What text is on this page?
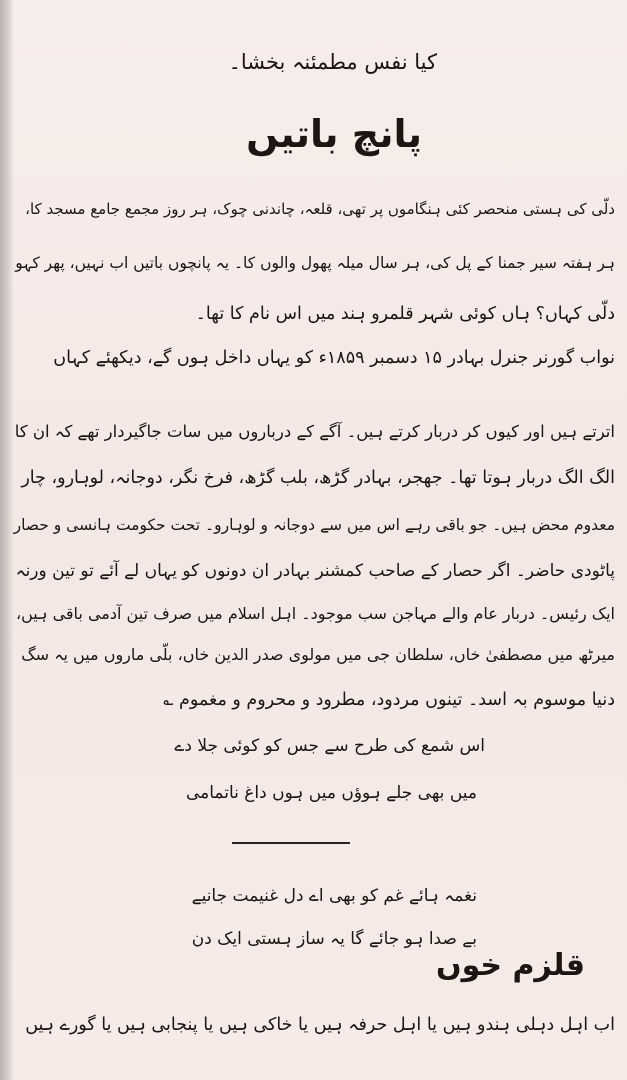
کیا نفس مطمئنہ بخشا۔
پانچ باتیں
دلّی کی ہستی منحصر کئی ہنگاموں پر تھی، قلعہ، چاندنی چوک، ہر روز مجمع جامع مسجد کا،
ہر ہفتہ سیر جمنا کے پل کی، ہر سال میلہ پھول والوں کا۔ یہ پانچوں باتیں اب نہیں، پھر کہو
دلّی کہاں؟ ہاں کوئی شہر قلمرو ہند میں اس نام کا تھا۔
نواب گورنر جنرل بہادر ۱۵ دسمبر ۱۸۵۹ء کو یہاں داخل ہوں گے، دیکھئے کہاں
اترتے ہیں اور کیوں کر دربار کرتے ہیں۔ آگے کے درباروں میں سات جاگیردار تھے کہ ان کا
الگ الگ دربار ہوتا تھا۔ جھجر، بہادر گڑھ، بلب گڑھ، فرخ نگر، دوجانہ، لوہارو، چار
معدوم محض ہیں۔ جو باقی رہے اس میں سے دوجانہ و لوہارو۔ تحت حکومت ہانسی و حصار
پاٹودی حاضر۔ اگر حصار کے صاحب کمشنر بہادر ان دونوں کو یہاں لے آئے تو تین ورنہ
ایک رئیس۔ دربار عام والے مہاجن سب موجود۔ اہل اسلام میں صرف تین آدمی باقی ہیں،
میرٹھ میں مصطفیٰ خاں، سلطان جی میں مولوی صدر الدین خاں، بلّی ماروں میں یہ سگ
دنیا موسوم بہ اسد۔ تینوں مردود، مطرود و محروم و مغموم ؎
اس شمع کی طرح سے جس کو کوئی جلا دے
میں بھی جلے ہوؤں میں ہوں داغ ناتمامی
نغمہ ہائے غم کو بھی اے دل غنیمت جانیے
بے صدا ہو جائے گا یہ ساز ہستی ایک دن
قلزم خوں
اب اہل دہلی ہندو ہیں یا اہل حرفہ ہیں یا خاکی ہیں یا پنجابی ہیں یا گورے ہیں
